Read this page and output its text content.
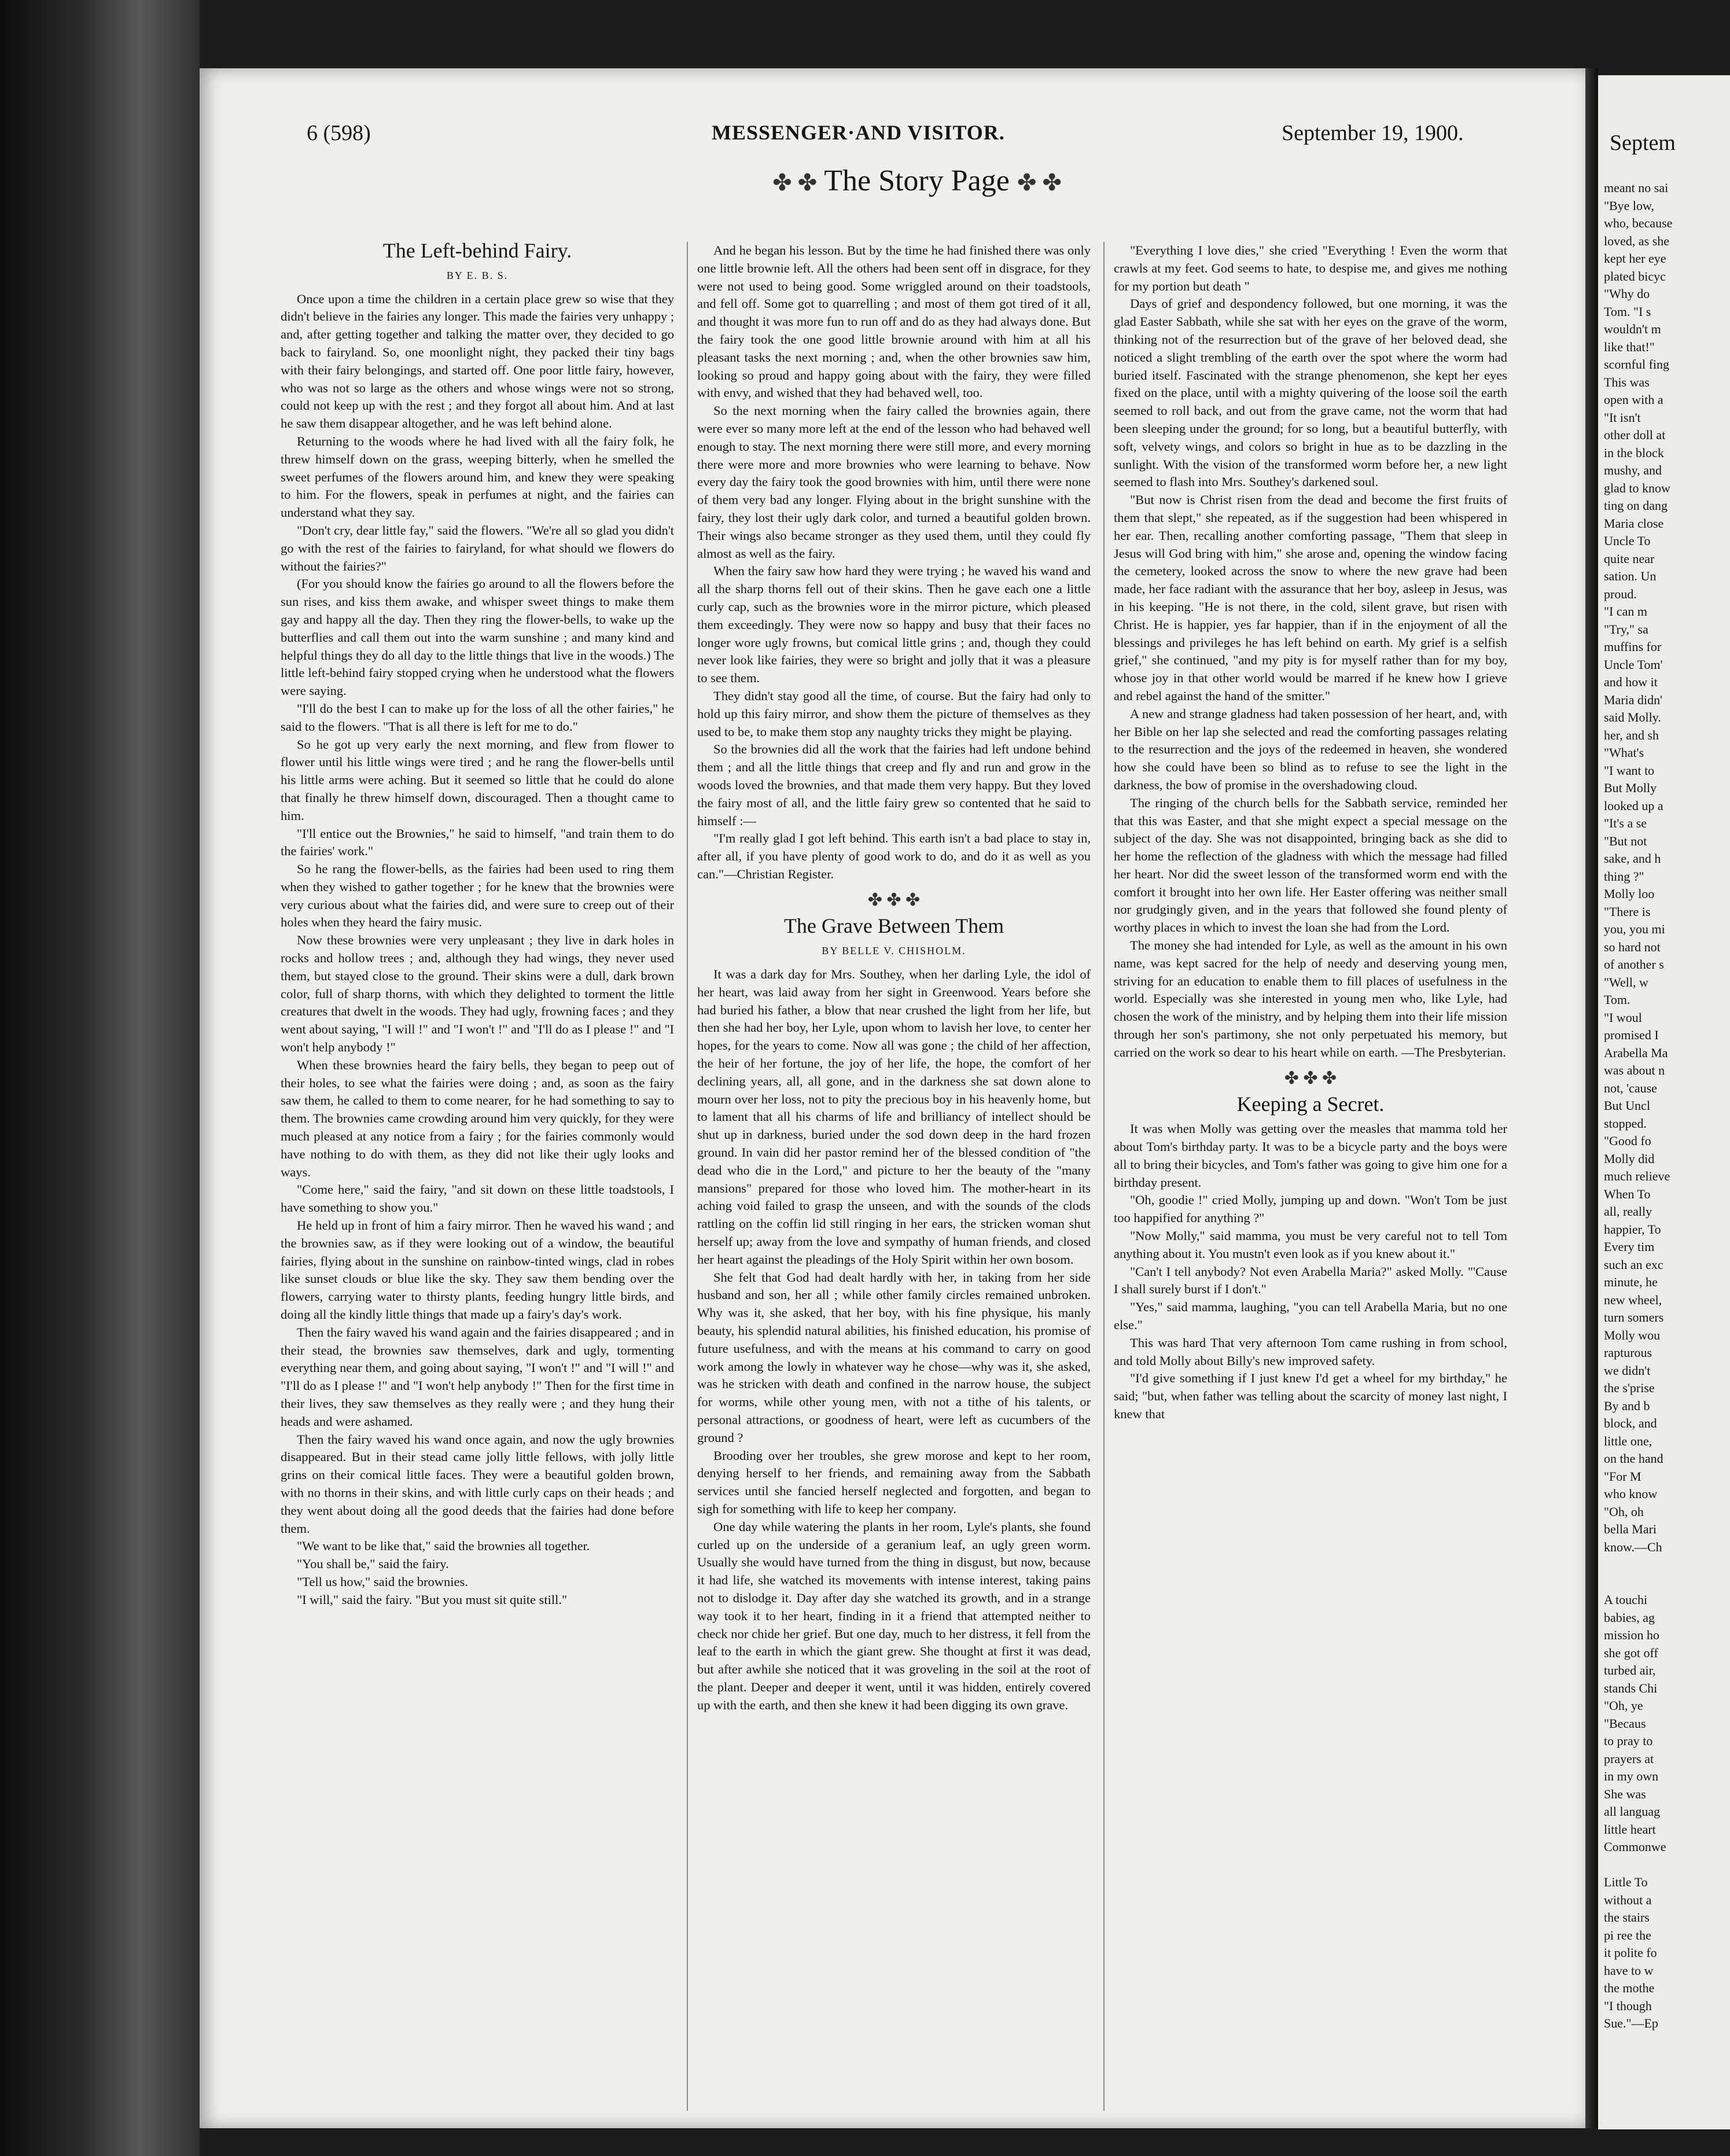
6 (598)	MESSENGER·AND VISITOR.	September 19, 1900.
✤ ✤ The Story Page ✤ ✤
The Left-behind Fairy.
BY E. B. S.

Once upon a time the children in a certain place grew so wise that they didn't believe in the fairies any longer. This made the fairies very unhappy ; and, after getting together and talking the matter over, they decided to go back to fairyland. So, one moonlight night, they packed their tiny bags with their fairy belongings, and started off. One poor little fairy, however, who was not so large as the others and whose wings were not so strong, could not keep up with the rest ; and they forgot all about him. And at last he saw them disappear altogether, and he was left behind alone.

Returning to the woods where he had lived with all the fairy folk, he threw himself down on the grass, weeping bitterly, when he smelled the sweet perfumes of the flowers around him, and knew they were speaking to him. For the flowers, speak in perfumes at night, and the fairies can understand what they say.

"Don't cry, dear little fay," said the flowers. "We're all so glad you didn't go with the rest of the fairies to fairyland, for what should we flowers do without the fairies?"

(For you should know the fairies go around to all the flowers before the sun rises, and kiss them awake, and whisper sweet things to make them gay and happy all the day. Then they ring the flower-bells, to wake up the butterflies and call them out into the warm sunshine ; and many kind and helpful things they do all day to the little things that live in the woods.) The little left-behind fairy stopped crying when he understood what the flowers were saying.

"I'll do the best I can to make up for the loss of all the other fairies," he said to the flowers. "That is all there is left for me to do."

So he got up very early the next morning, and flew from flower to flower until his little wings were tired ; and he rang the flower-bells until his little arms were aching. But it seemed so little that he could do alone that finally he threw himself down, discouraged. Then a thought came to him.

"I'll entice out the Brownies," he said to himself, "and train them to do the fairies' work."

So he rang the flower-bells, as the fairies had been used to ring them when they wished to gather together ; for he knew that the brownies were very curious about what the fairies did, and were sure to creep out of their holes when they heard the fairy music.

Now these brownies were very unpleasant ; they live in dark holes in rocks and hollow trees ; and, although they had wings, they never used them, but stayed close to the ground. Their skins were a dull, dark brown color, full of sharp thorns, with which they delighted to torment the little creatures that dwelt in the woods. They had ugly, frowning faces ; and they went about saying, "I will !" and "I won't !" and "I'll do as I please !" and "I won't help anybody !"

When these brownies heard the fairy bells, they began to peep out of their holes, to see what the fairies were doing ; and, as soon as the fairy saw them, he called to them to come nearer, for he had something to say to them. The brownies came crowding around him very quickly, for they were much pleased at any notice from a fairy ; for the fairies commonly would have nothing to do with them, as they did not like their ugly looks and ways.

"Come here," said the fairy, "and sit down on these little toadstools, I have something to show you."

He held up in front of him a fairy mirror. Then he waved his wand ; and the brownies saw, as if they were looking out of a window, the beautiful fairies, flying about in the sunshine on rainbow-tinted wings, clad in robes like sunset clouds or blue like the sky. They saw them bending over the flowers, carrying water to thirsty plants, feeding hungry little birds, and doing all the kindly little things that made up a fairy's day's work.

Then the fairy waved his wand again and the fairies disappeared ; and in their stead, the brownies saw themselves, dark and ugly, tormenting everything near them, and going about saying, "I won't !" and "I will !" and "I'll do as I please !" and "I won't help anybody !" Then for the first time in their lives, they saw themselves as they really were ; and they hung their heads and were ashamed.

Then the fairy waved his wand once again, and now the ugly brownies disappeared. But in their stead came jolly little fellows, with jolly little grins on their comical little faces. They were a beautiful golden brown, with no thorns in their skins, and with little curly caps on their heads ; and they went about doing all the good deeds that the fairies had done before them.

"We want to be like that," said the brownies all together.

"You shall be," said the fairy.

"Tell us how," said the brownies.

"I will," said the fairy. "But you must sit quite still."

And he began his lesson. But by the time he had finished there was only one little brownie left. All the others had been sent off in disgrace, for they were not used to being good. Some wriggled around on their toadstools, and fell off. Some got to quarrelling ; and most of them got tired of it all, and thought it was more fun to run off and do as they had always done. But the fairy took the one good little brownie around with him at all his pleasant tasks the next morning ; and, when the other brownies saw him, looking so proud and happy going about with the fairy, they were filled with envy, and wished that they had behaved well, too.

So the next morning when the fairy called the brownies again, there were ever so many more left at the end of the lesson who had behaved well enough to stay. The next morning there were still more, and every morning there were more and more brownies who were learning to behave. Now every day the fairy took the good brownies with him, until there were none of them very bad any longer. Flying about in the bright sunshine with the fairy, they lost their ugly dark color, and turned a beautiful golden brown. Their wings also became stronger as they used them, until they could fly almost as well as the fairy.

When the fairy saw how hard they were trying ; he waved his wand and all the sharp thorns fell out of their skins. Then he gave each one a little curly cap, such as the brownies wore in the mirror picture, which pleased them exceedingly. They were now so happy and busy that their faces no longer wore ugly frowns, but comical little grins ; and, though they could never look like fairies, they were so bright and jolly that it was a pleasure to see them.

They didn't stay good all the time, of course. But the fairy had only to hold up this fairy mirror, and show them the picture of themselves as they used to be, to make them stop any naughty tricks they might be playing.

So the brownies did all the work that the fairies had left undone behind them ; and all the little things that creep and fly and run and grow in the woods loved the brownies, and that made them very happy. But they loved the fairy most of all, and the little fairy grew so contented that he said to himself :—

"I'm really glad I got left behind. This earth isn't a bad place to stay in, after all, if you have plenty of good work to do, and do it as well as you can."—Christian Register.

✤ ✤ ✤
The Grave Between Them
BY BELLE V. CHISHOLM.

It was a dark day for Mrs. Southey, when her darling Lyle, the idol of her heart, was laid away from her sight in Greenwood. Years before she had buried his father, a blow that near crushed the light from her life, but then she had her boy, her Lyle, upon whom to lavish her love, to center her hopes, for the years to come. Now all was gone ; the child of her affection, the heir of her fortune, the joy of her life, the hope, the comfort of her declining years, all, all gone, and in the darkness she sat down alone to mourn over her loss, not to pity the precious boy in his heavenly home, but to lament that all his charms of life and brilliancy of intellect should be shut up in darkness, buried under the sod down deep in the hard frozen ground. In vain did her pastor remind her of the blessed condition of "the dead who die in the Lord," and picture to her the beauty of the "many mansions" prepared for those who loved him. The mother-heart in its aching void failed to grasp the unseen, and with the sounds of the clods rattling on the coffin lid still ringing in her ears, the stricken woman shut herself up; away from the love and sympathy of human friends, and closed her heart against the pleadings of the Holy Spirit within her own bosom.

She felt that God had dealt hardly with her, in taking from her side husband and son, her all ; while other family circles remained unbroken. Why was it, she asked, that her boy, with his fine physique, his manly beauty, his splendid natural abilities, his finished education, his promise of future usefulness, and with the means at his command to carry on good work among the lowly in whatever way he chose—why was it, she asked, was he stricken with death and confined in the narrow house, the subject for worms, while other young men, with not a tithe of his talents, or personal attractions, or goodness of heart, were left as cucumbers of the ground ?

Brooding over her troubles, she grew morose and kept to her room, denying herself to her friends, and remaining away from the Sabbath services until she fancied herself neglected and forgotten, and began to sigh for something with life to keep her company.

One day while watering the plants in her room, Lyle's plants, she found curled up on the underside of a geranium leaf, an ugly green worm. Usually she would have turned from the thing in disgust, but now, because it had life, she watched its movements with intense interest, taking pains not to dislodge it. Day after day she watched its growth, and in a strange way took it to her heart, finding in it a friend that attempted neither to check nor chide her grief. But one day, much to her distress, it fell from the leaf to the earth in which the giant grew. She thought at first it was dead, but after awhile she noticed that it was groveling in the soil at the root of the plant. Deeper and deeper it went, until it was hidden, entirely covered up with the earth, and then she knew it had been digging its own grave.

"Everything I love dies," she cried "Everything ! Even the worm that crawls at my feet. God seems to hate, to despise me, and gives me nothing for my portion but death "

Days of grief and despondency followed, but one morning, it was the glad Easter Sabbath, while she sat with her eyes on the grave of the worm, thinking not of the resurrection but of the grave of her beloved dead, she noticed a slight trembling of the earth over the spot where the worm had buried itself. Fascinated with the strange phenomenon, she kept her eyes fixed on the place, until with a mighty quivering of the loose soil the earth seemed to roll back, and out from the grave came, not the worm that had been sleeping under the ground; for so long, but a beautiful butterfly, with soft, velvety wings, and colors so bright in hue as to be dazzling in the sunlight. With the vision of the transformed worm before her, a new light seemed to flash into Mrs. Southey's darkened soul.

"But now is Christ risen from the dead and become the first fruits of them that slept," she repeated, as if the suggestion had been whispered in her ear. Then, recalling another comforting passage, "Them that sleep in Jesus will God bring with him," she arose and, opening the window facing the cemetery, looked across the snow to where the new grave had been made, her face radiant with the assurance that her boy, asleep in Jesus, was in his keeping. "He is not there, in the cold, silent grave, but risen with Christ. He is happier, yes far happier, than if in the enjoyment of all the blessings and privileges he has left behind on earth. My grief is a selfish grief," she continued, "and my pity is for myself rather than for my boy, whose joy in that other world would be marred if he knew how I grieve and rebel against the hand of the smitter."

A new and strange gladness had taken possession of her heart, and, with her Bible on her lap she selected and read the comforting passages relating to the resurrection and the joys of the redeemed in heaven, she wondered how she could have been so blind as to refuse to see the light in the darkness, the bow of promise in the overshadowing cloud.

The ringing of the church bells for the Sabbath service, reminded her that this was Easter, and that she might expect a special message on the subject of the day. She was not disappointed, bringing back as she did to her home the reflection of the gladness with which the message had filled her heart. Nor did the sweet lesson of the transformed worm end with the comfort it brought into her own life. Her Easter offering was neither small nor grudgingly given, and in the years that followed she found plenty of worthy places in which to invest the loan she had from the Lord.

The money she had intended for Lyle, as well as the amount in his own name, was kept sacred for the help of needy and deserving young men, striving for an education to enable them to fill places of usefulness in the world. Especially was she interested in young men who, like Lyle, had chosen the work of the ministry, and by helping them into their life mission through her son's partimony, she not only perpetuated his memory, but carried on the work so dear to his heart while on earth. —The Presbyterian.

✤ ✤ ✤
Keeping a Secret.

It was when Molly was getting over the measles that mamma told her about Tom's birthday party. It was to be a bicycle party and the boys were all to bring their bicycles, and Tom's father was going to give him one for a birthday present.

"Oh, goodie !" cried Molly, jumping up and down. "Won't Tom be just too happified for anything ?"

"Now Molly," said mamma, you must be very careful not to tell Tom anything about it. You mustn't even look as if you knew about it."

"Can't I tell anybody? Not even Arabella Maria?" asked Molly. "'Cause I shall surely burst if I don't."

"Yes," said mamma, laughing, "you can tell Arabella Maria, but no one else."

This was hard That very afternoon Tom came rushing in from school, and told Molly about Billy's new improved safety.

"I'd give something if I just knew I'd get a wheel for my birthday," he said; "but, when father was telling about the scarcity of money last night, I knew that

Septem
meant no sai
"Bye low,
who, because
loved, as she
kept her eye
plated bicyc
"Why do
Tom. "I s
wouldn't m
like that!"
scornful fing
This was
open with a
"It isn't
other doll at
in the block
mushy, and
glad to know
ting on dang
Maria close
Uncle To
quite near
sation. Un
proud.
"I can m
"Try," sa
muffins for
Uncle Tom'
and how it
Maria didn'
said Molly.
her, and sh
"What's
"I want to
But Molly
looked up a
"It's a se
"But not
sake, and h
thing ?"
Molly loo
"There is
you, you mi
so hard not
of another s
"Well, w
Tom.
"I woul
promised I
Arabella Ma
was about n
not, 'cause
But Uncl
stopped.
"Good fo
Molly did
much relieve
When To
all, really
happier, To
Every tim
such an exc
minute, he
new wheel,
turn somers
Molly wou
rapturous
we didn't
the s'prise
By and b
block, and
little one,
on the hand
"For M
who know
"Oh, oh
bella Mari
know.—Ch

A touchi
babies, ag
mission ho
she got off
turbed air,
stands Chi
"Oh, ye
"Becaus
to pray to
prayers at
in my own
She was
all languag
little heart
Commonwe

Little To
without a
the stairs
pi ree the
it polite fo
have to w
the mothe
"I though
Sue."—Ep
